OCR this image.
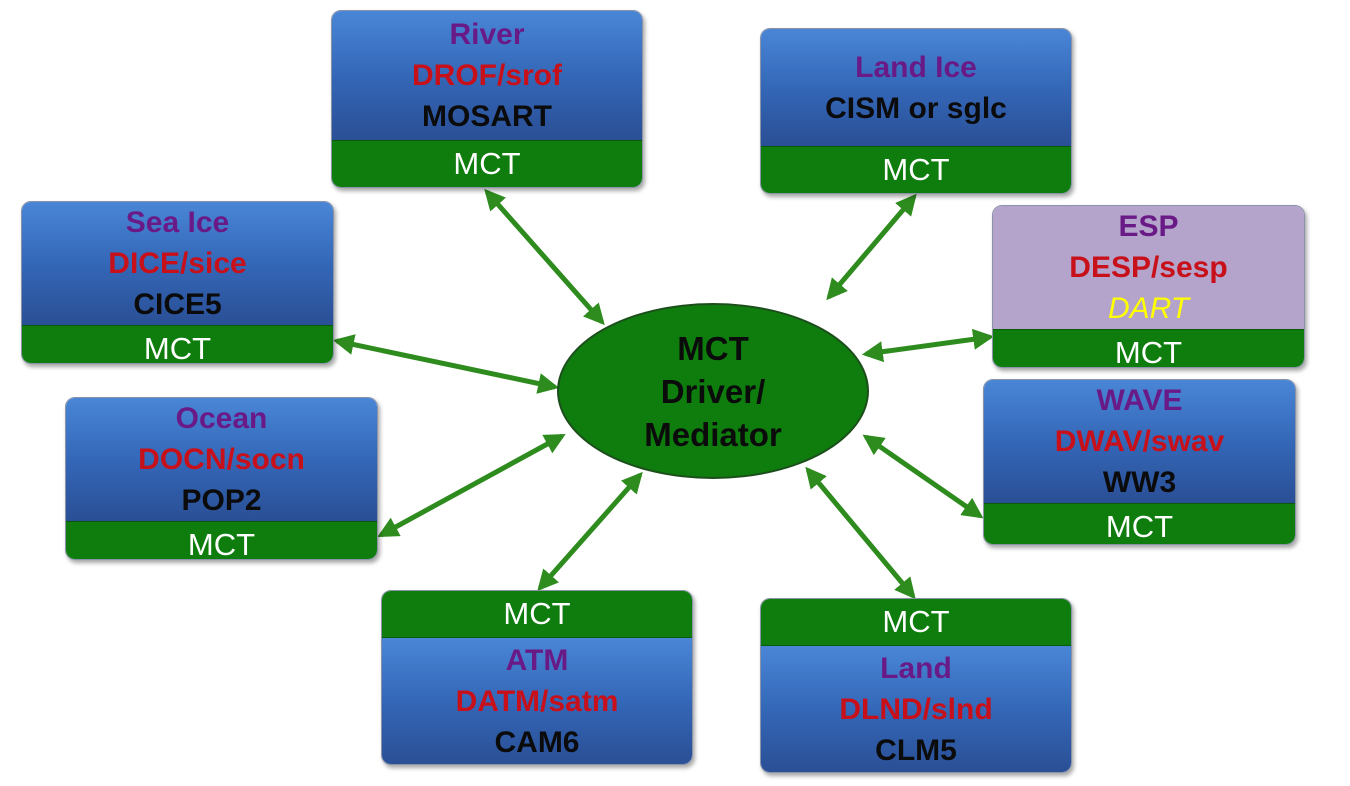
MCT
Driver/
Mediator
River
DROF/srof
MOSART
MCT
Land Ice
CISM or sglc
MCT
Sea Ice
DICE/sice
CICE5
MCT
ESP
DESP/sesp
DART
MCT
Ocean
DOCN/socn
POP2
MCT
WAVE
DWAV/swav
WW3
MCT
MCT
ATM
DATM/satm
CAM6
MCT
Land
DLND/slnd
CLM5
